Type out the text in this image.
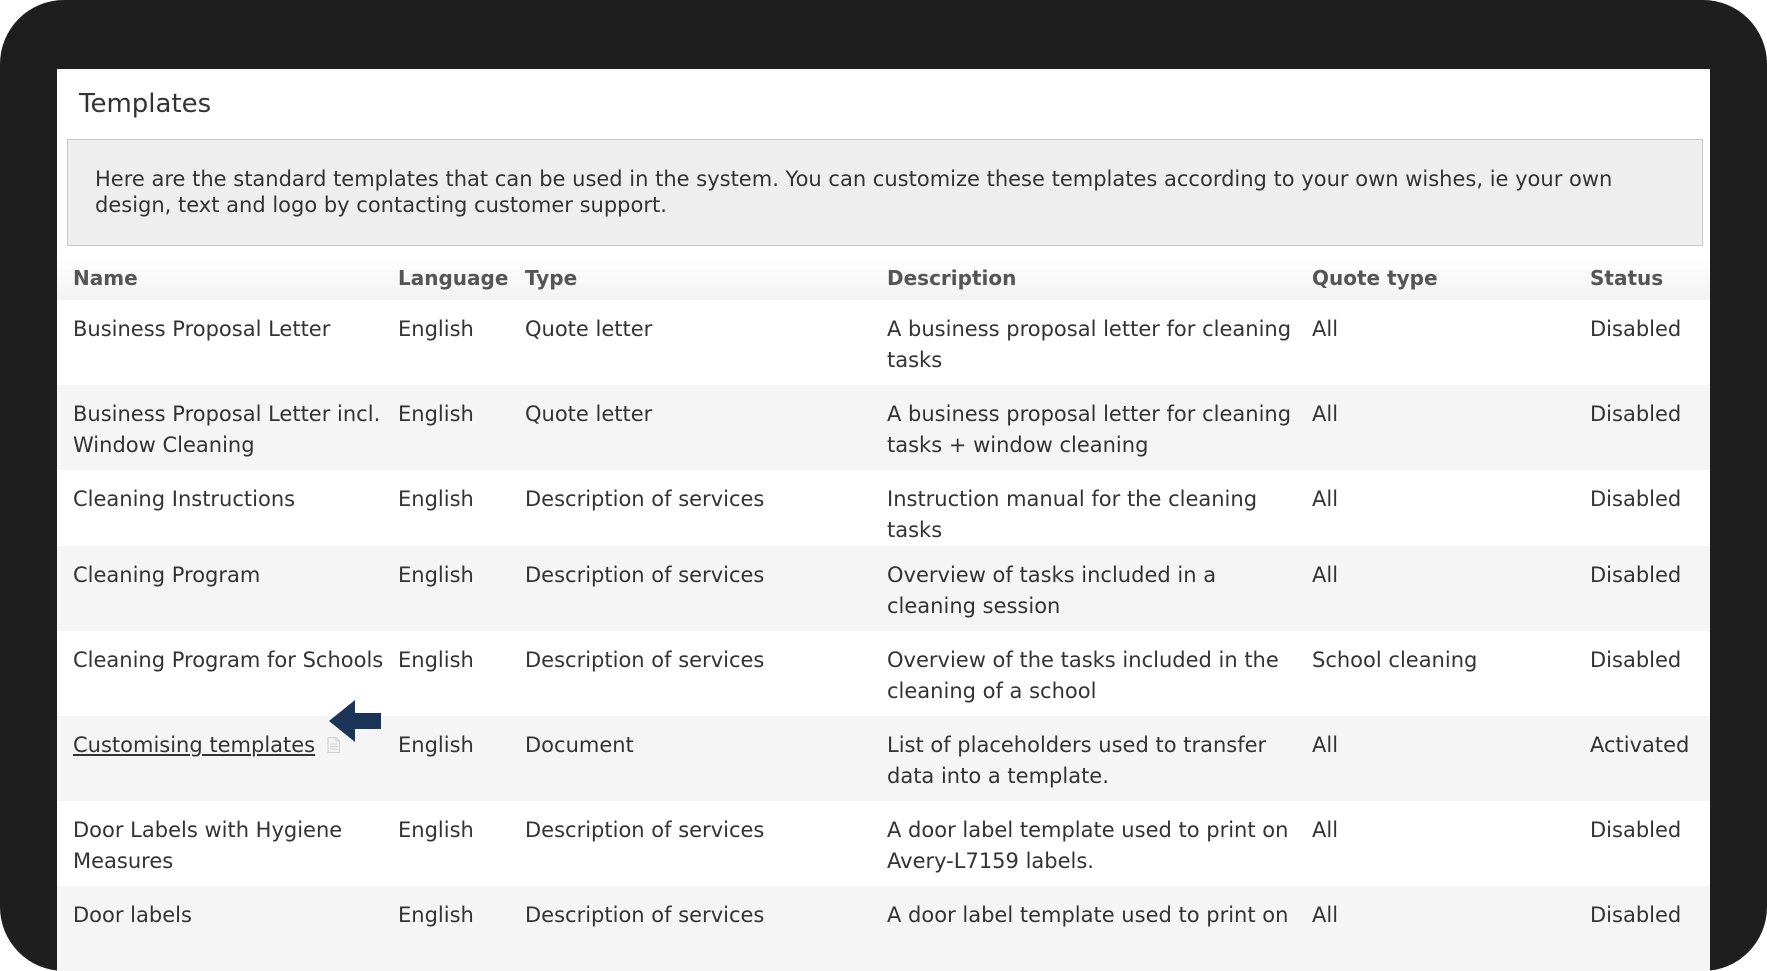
Templates
Here are the standard templates that can be used in the system. You can customize these templates according to your own wishes, ie your own design, text and logo by contacting customer support.
Name	Language	Type	Description	Quote type	Status
Business Proposal Letter	English	Quote letter	A business proposal letter for cleaning tasks	All	Disabled
Business Proposal Letter incl. Window Cleaning	English	Quote letter	A business proposal letter for cleaning tasks + window cleaning	All	Disabled
Cleaning Instructions	English	Description of services	Instruction manual for the cleaning tasks	All	Disabled
Cleaning Program	English	Description of services	Overview of tasks included in a cleaning session	All	Disabled
Cleaning Program for Schools	English	Description of services	Overview of the tasks included in the cleaning of a school	School cleaning	Disabled
Customising templates	English	Document	List of placeholders used to transfer data into a template.	All	Activated
Door Labels with Hygiene Measures	English	Description of services	A door label template used to print on Avery-L7159 labels.	All	Disabled
Door labels	English	Description of services	A door label template used to print on	All	Disabled
